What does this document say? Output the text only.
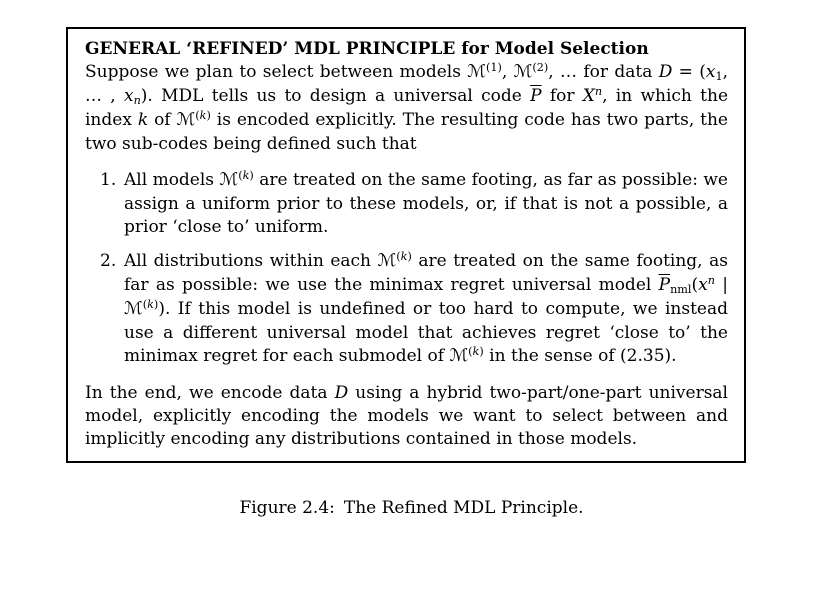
GENERAL ‘REFINED’ MDL PRINCIPLE for Model Selection
Suppose we plan to select between models ℳ$^{(1)}$, ℳ$^{(2)}$, … for data D = (x1, … , xn). MDL tells us to design a universal code $\overline{P}$ for $X^n$, in which the index k of ℳ$^{(k)}$ is encoded explicitly. The resulting code has two parts, the two sub-codes being defined such that
1. All models ℳ$^{(k)}$ are treated on the same footing, as far as possible: we assign a uniform prior to these models, or, if that is not a possible, a prior ‘close to’ uniform.
2. All distributions within each ℳ$^{(k)}$ are treated on the same footing, as far as possible: we use the minimax regret universal model $\overline{P}nml(x^n$ | ℳ$^{(k)}$). If this model is undefined or too hard to compute, we instead use a different universal model that achieves regret ‘close to’ the minimax regret for each submodel of ℳ$^{(k)}$ in the sense of (2.35).
In the end, we encode data D using a hybrid two-part/one-part universal model, explicitly encoding the models we want to select between and implicitly encoding any distributions contained in those models.
Figure 2.4: The Refined MDL Principle.
